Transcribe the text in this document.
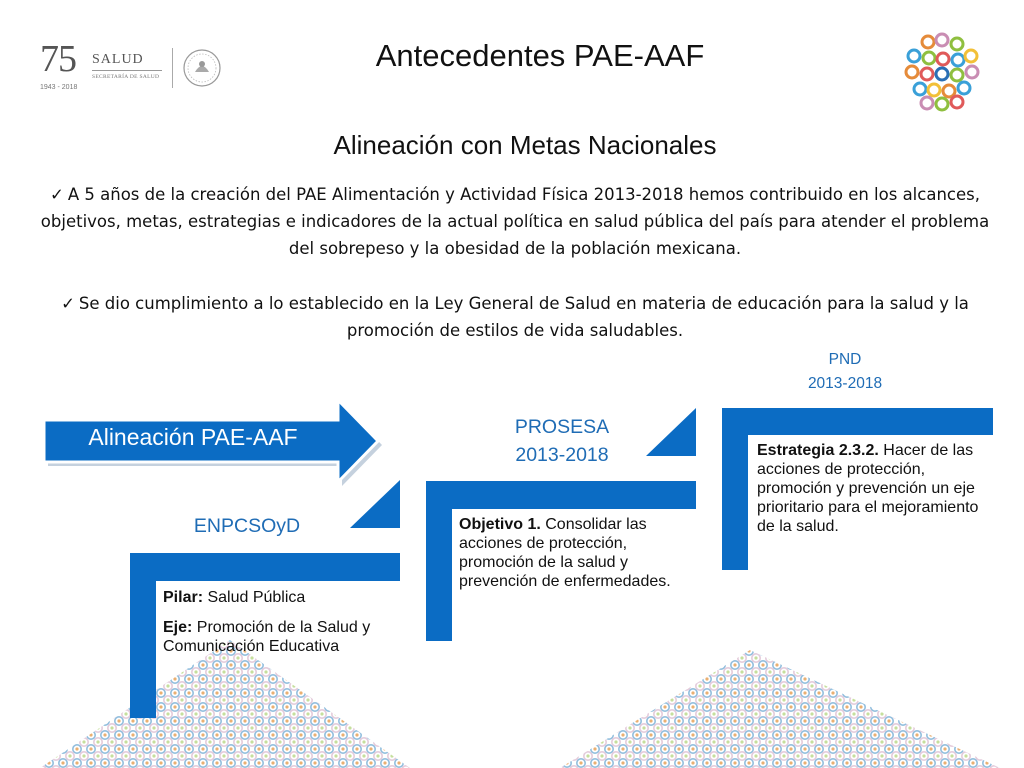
75
1943 - 2018
SALUD
SECRETARÍA DE SALUD
Antecedentes PAE-AAF
Alineación con Metas Nacionales
✓ A 5 años de la creación del PAE Alimentación y Actividad Física 2013-2018 hemos contribuido en los alcances, objetivos, metas, estrategias e indicadores de la actual política en salud pública del país para atender el problema del sobrepeso y la obesidad de la población mexicana.
✓ Se dio cumplimiento a lo establecido en la Ley General de Salud en materia de educación para la salud y la promoción de estilos de vida saludables.
Alineación PAE-AAF
PND
2013-2018
PROSESA
2013-2018
ENPCSOyD
Estrategia 2.3.2. Hacer de las acciones de protección, promoción y prevención un eje prioritario para el mejoramiento de la salud.
Objetivo 1. Consolidar las acciones de protección, promoción de la salud y prevención de enfermedades.
Pilar: Salud Pública
Eje: Promoción de la Salud y Comunicación Educativa
